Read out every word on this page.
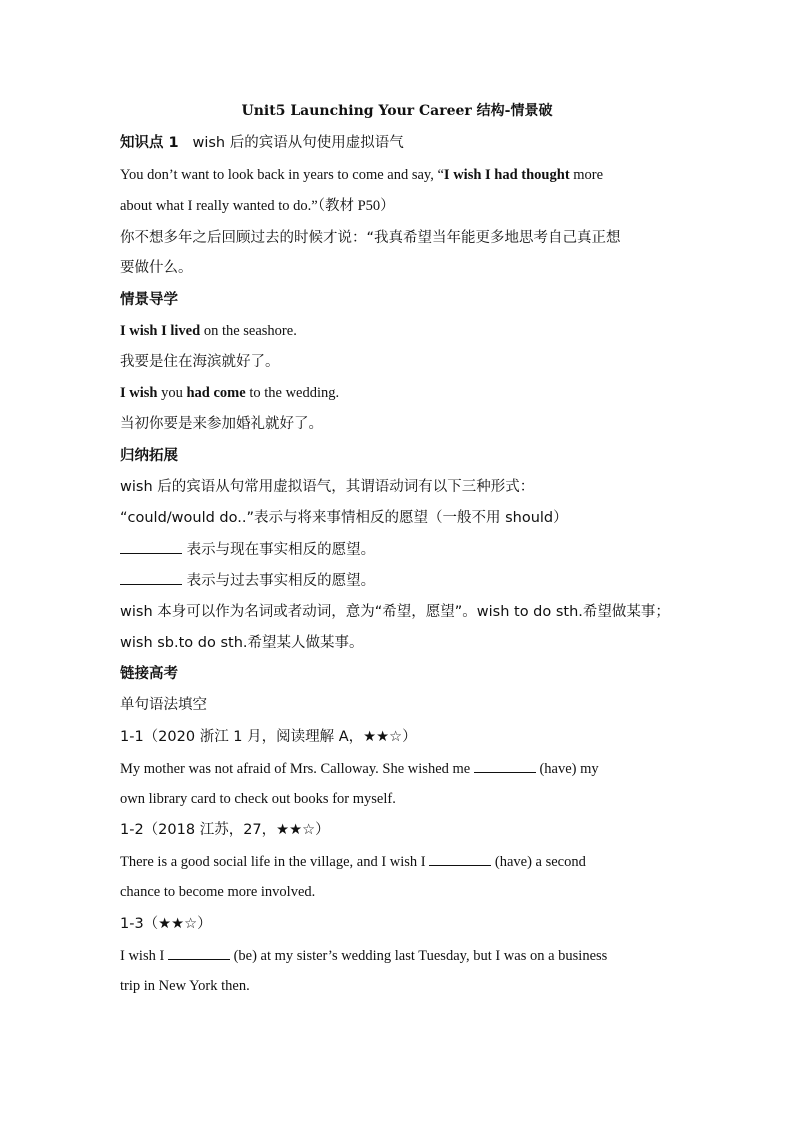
Unit5 Launching Your Career 结构-情景破
知识点 1 wish 后的宾语从句使用虚拟语气
You don’t want to look back in years to come and say, “I wish I had thought more
about what I really wanted to do.”（教材 P50）
你不想多年之后回顾过去的时候才说：“我真希望当年能更多地思考自己真正想
要做什么。
情景导学
I wish I lived on the seashore.
我要是住在海滨就好了。
I wish you had come to the wedding.
当初你要是来参加婚礼就好了。
归纳拓展
wish 后的宾语从句常用虚拟语气，其谓语动词有以下三种形式：
“could/would do..”表示与将来事情相反的愿望（一般不用 should）
表示与现在事实相反的愿望。
表示与过去事实相反的愿望。
wish 本身可以作为名词或者动词，意为“希望，愿望”。wish to do sth.希望做某事；
wish sb.to do sth.希望某人做某事。
链接高考
单句语法填空
1-1（2020 浙江 1 月，阅读理解 A，★★☆）
My mother was not afraid of Mrs. Calloway. She wished me	(have) my
own library card to check out books for myself.
1-2（2018 江苏，27，★★☆）
There is a good social life in the village, and I wish I	(have) a second
chance to become more involved.
1-3（★★☆）
I wish I	(be) at my sister’s wedding last Tuesday, but I was on a business
trip in New York then.
